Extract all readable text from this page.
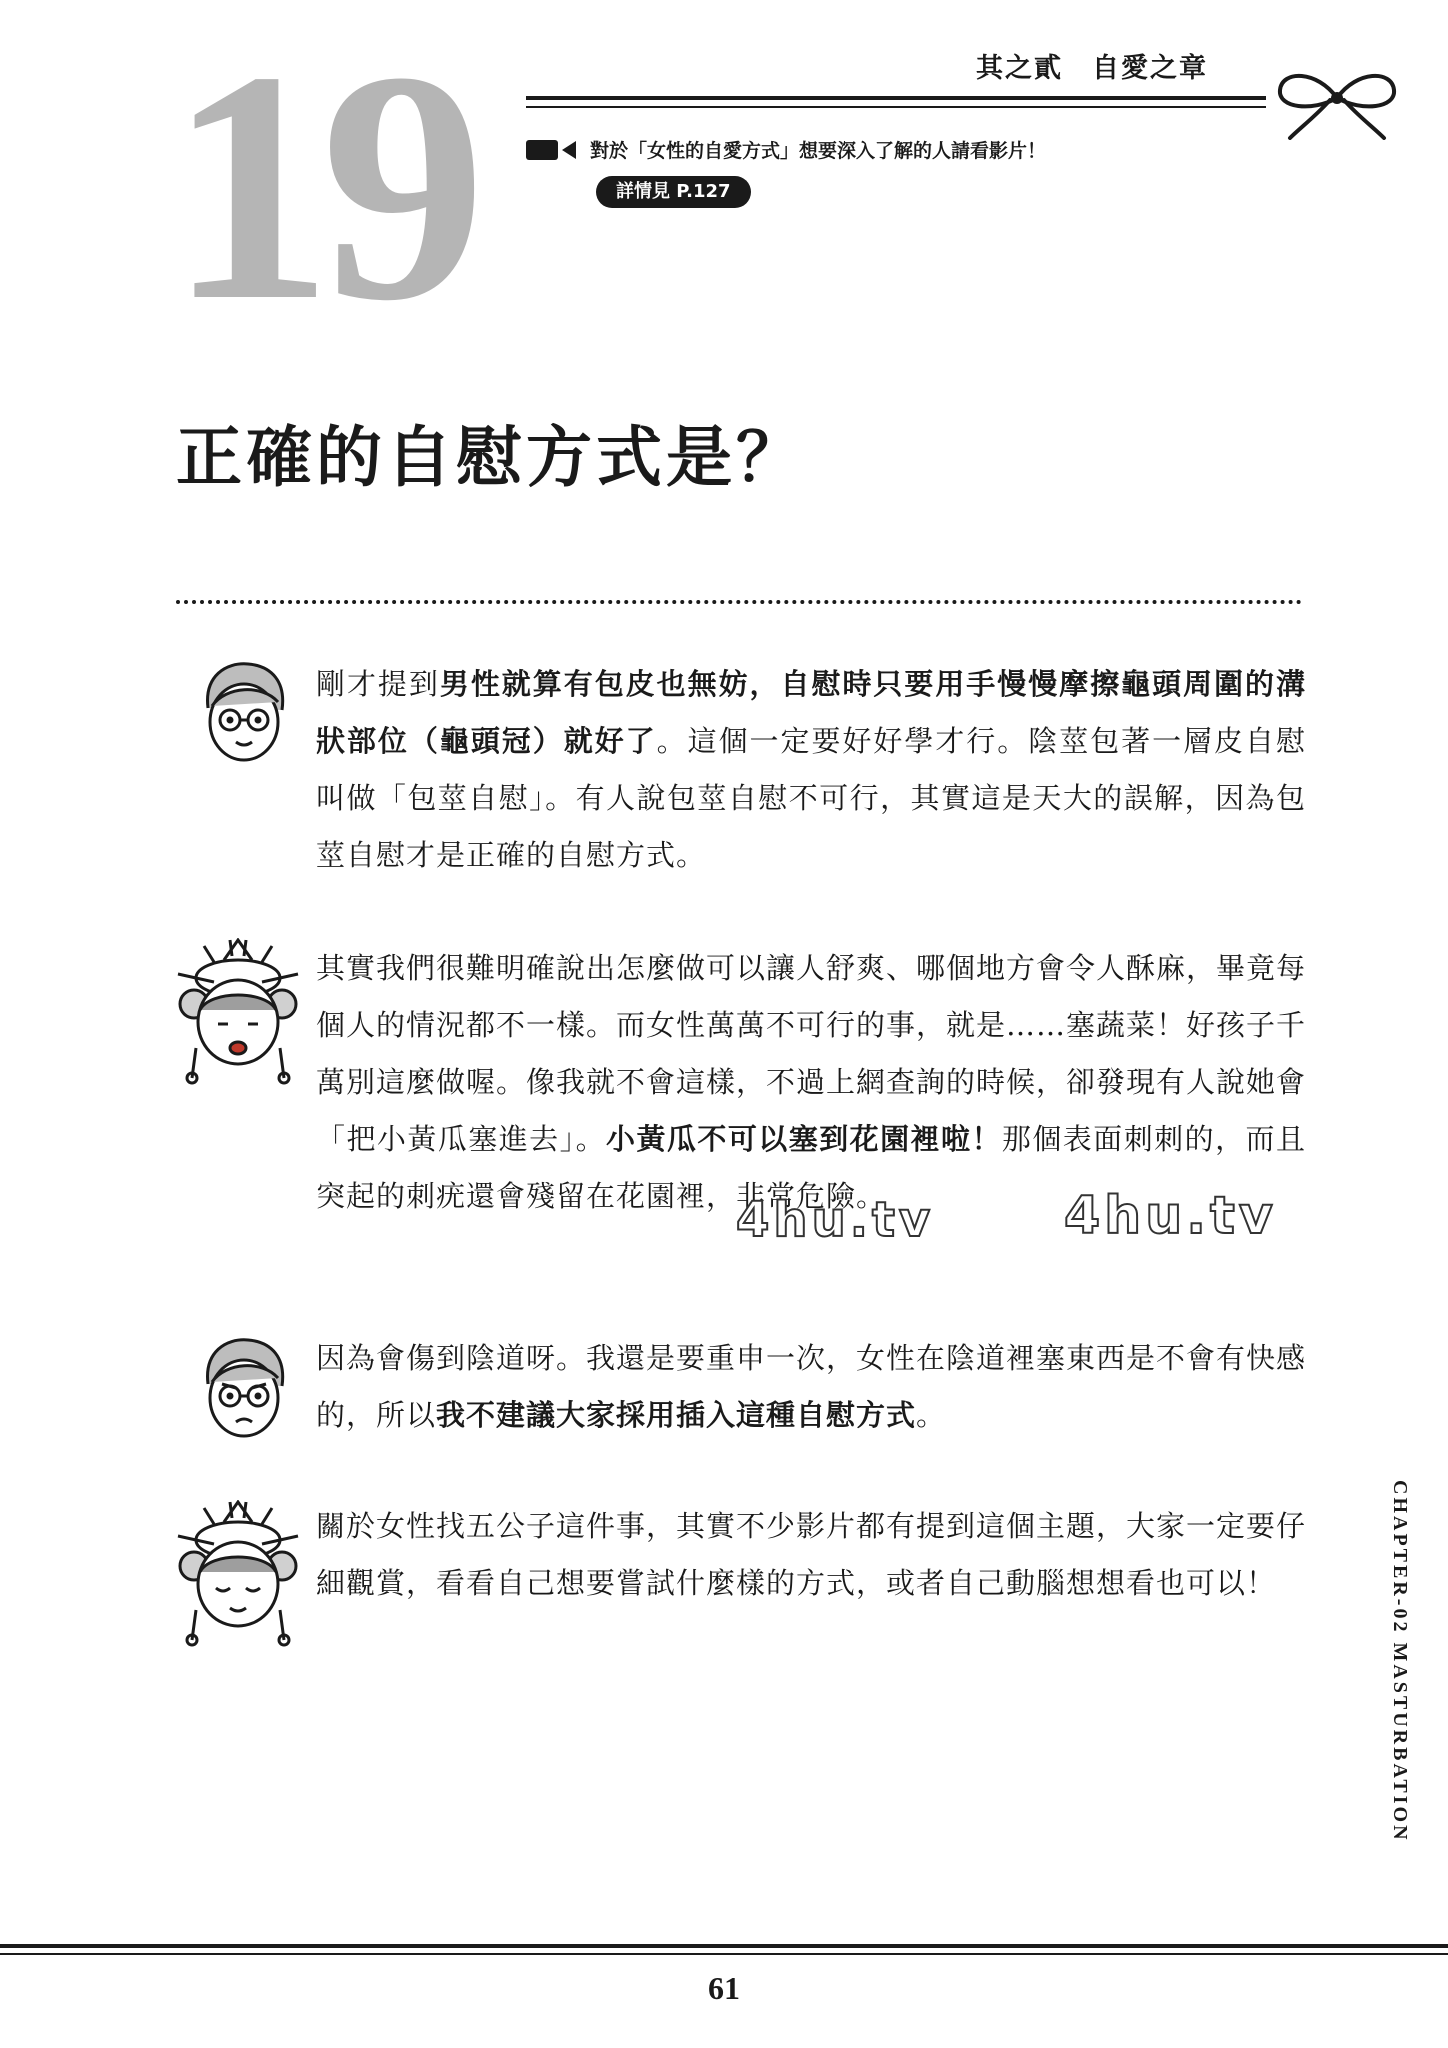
19	其之貳　自愛之章
對於「女性的自愛方式」想要深入了解的人請看影片！
詳情見 P.127
正確的自慰方式是？
剛才提到男性就算有包皮也無妨，自慰時只要用手慢慢摩擦龜頭周圍的溝狀部位（龜頭冠）就好了。這個一定要好好學才行。陰莖包著一層皮自慰叫做「包莖自慰」。有人說包莖自慰不可行，其實這是天大的誤解，因為包莖自慰才是正確的自慰方式。
其實我們很難明確說出怎麼做可以讓人舒爽、哪個地方會令人酥麻，畢竟每個人的情況都不一樣。而女性萬萬不可行的事，就是……塞蔬菜！好孩子千萬別這麼做喔。像我就不會這樣，不過上網查詢的時候，卻發現有人說她會「把小黃瓜塞進去」。小黃瓜不可以塞到花園裡啦！那個表面刺刺的，而且突起的刺疣還會殘留在花園裡，非常危險。
因為會傷到陰道呀。我還是要重申一次，女性在陰道裡塞東西是不會有快感的，所以我不建議大家採用插入這種自慰方式。
關於女性找五公子這件事，其實不少影片都有提到這個主題，大家一定要仔細觀賞，看看自己想要嘗試什麼樣的方式，或者自己動腦想想看也可以！
4hu.tv 4hu.tv
CHAPTER-02 MASTURBATION
61
